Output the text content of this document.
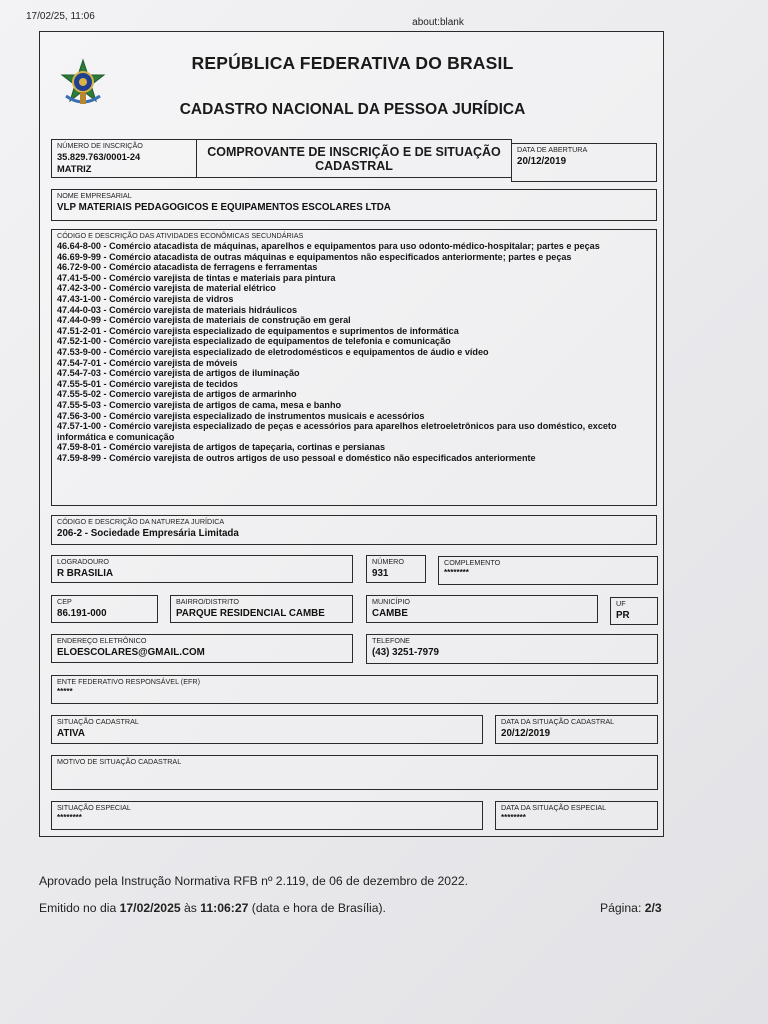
17/02/25, 11:06
about:blank
REPÚBLICA FEDERATIVA DO BRASIL
CADASTRO NACIONAL DA PESSOA JURÍDICA
NÚMERO DE INSCRIÇÃO
35.829.763/0001-24
MATRIZ
COMPROVANTE DE INSCRIÇÃO E DE SITUAÇÃO
CADASTRAL
DATA DE ABERTURA
20/12/2019
NOME EMPRESARIAL
VLP MATERIAIS PEDAGOGICOS E EQUIPAMENTOS ESCOLARES LTDA
CÓDIGO E DESCRIÇÃO DAS ATIVIDADES ECONÔMICAS SECUNDÁRIAS
46.64-8-00 - Comércio atacadista de máquinas, aparelhos e equipamentos para uso odonto-médico-hospitalar; partes e peças
46.69-9-99 - Comércio atacadista de outras máquinas e equipamentos não especificados anteriormente; partes e peças
46.72-9-00 - Comércio atacadista de ferragens e ferramentas
47.41-5-00 - Comércio varejista de tintas e materiais para pintura
47.42-3-00 - Comércio varejista de material elétrico
47.43-1-00 - Comércio varejista de vidros
47.44-0-03 - Comércio varejista de materiais hidráulicos
47.44-0-99 - Comércio varejista de materiais de construção em geral
47.51-2-01 - Comércio varejista especializado de equipamentos e suprimentos de informática
47.52-1-00 - Comércio varejista especializado de equipamentos de telefonia e comunicação
47.53-9-00 - Comércio varejista especializado de eletrodomésticos e equipamentos de áudio e vídeo
47.54-7-01 - Comércio varejista de móveis
47.54-7-03 - Comércio varejista de artigos de iluminação
47.55-5-01 - Comércio varejista de tecidos
47.55-5-02 - Comercio varejista de artigos de armarinho
47.55-5-03 - Comercio varejista de artigos de cama, mesa e banho
47.56-3-00 - Comércio varejista especializado de instrumentos musicais e acessórios
47.57-1-00 - Comércio varejista especializado de peças e acessórios para aparelhos eletroeletrônicos para uso doméstico, exceto informática e comunicação
47.59-8-01 - Comércio varejista de artigos de tapeçaria, cortinas e persianas
47.59-8-99 - Comércio varejista de outros artigos de uso pessoal e doméstico não especificados anteriormente
CÓDIGO E DESCRIÇÃO DA NATUREZA JURÍDICA
206-2 - Sociedade Empresária Limitada
LOGRADOURO
R BRASILIA
NÚMERO
931
COMPLEMENTO
********
CEP
86.191-000
BAIRRO/DISTRITO
PARQUE RESIDENCIAL CAMBE
MUNICÍPIO
CAMBE
UF
PR
ENDEREÇO ELETRÔNICO
ELOESCOLARES@GMAIL.COM
TELEFONE
(43) 3251-7979
ENTE FEDERATIVO RESPONSÁVEL (EFR)
*****
SITUAÇÃO CADASTRAL
ATIVA
DATA DA SITUAÇÃO CADASTRAL
20/12/2019
MOTIVO DE SITUAÇÃO CADASTRAL
SITUAÇÃO ESPECIAL
********
DATA DA SITUAÇÃO ESPECIAL
********
Aprovado pela Instrução Normativa RFB nº 2.119, de 06 de dezembro de 2022.
Emitido no dia 17/02/2025 às 11:06:27 (data e hora de Brasília).	Página: 2/3
